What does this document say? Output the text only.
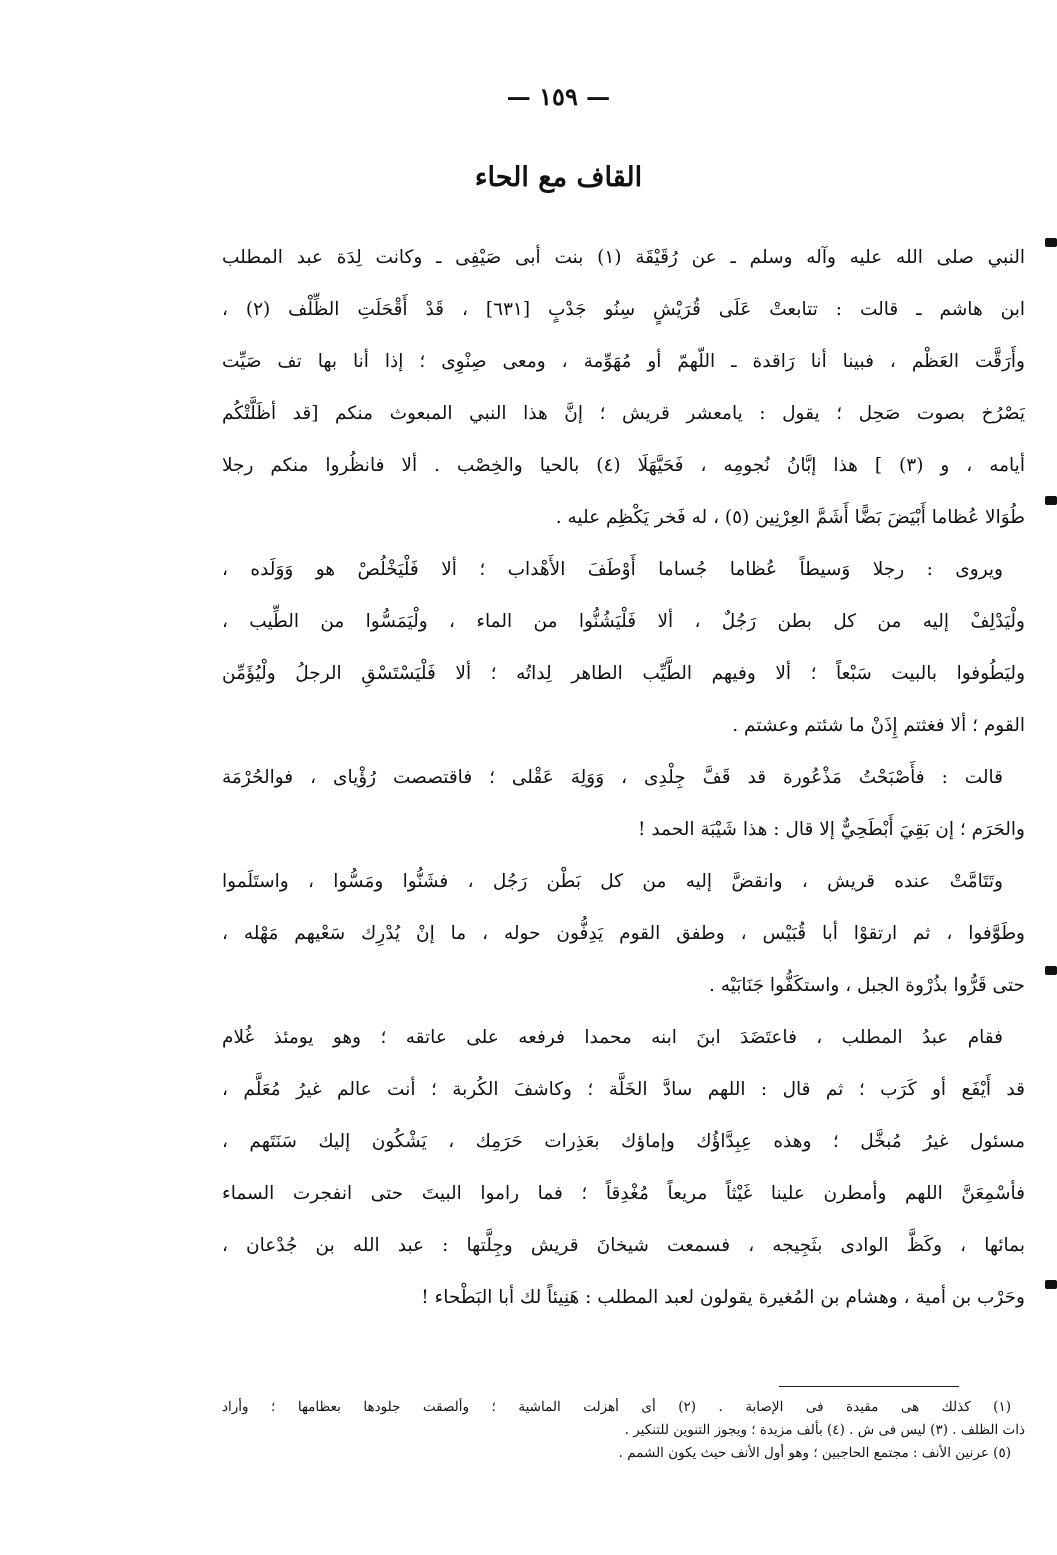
— ١٥٩ —
القاف مع الحاء
النبي صلى الله عليه وآله وسلم ـ عن رُقَيْقَة (١) بنت أبى صَيْفِى ـ وكانت لِدَة عبد المطلب
ابن هاشم ـ قالت : تتابعتْ عَلَى قُرَيْشٍ سِنُو جَدْبٍ [٦٣١] ، قَدْ أَقْحَلَتِ الظِّلْف (٢) ،
وأَرَقَّت العَظْم ، فبينا أنا رَاقدة ـ اللّهمّ أو مُهَوِّمة ، ومعى صِنْوِى ؛ إذا أنا بها تف صَيِّت
يَصْرُخ بصوت صَحِل ؛ يقول : يامعشر قريش ؛ إنَّ هذا النبي المبعوث منكم [قد أظَلَّتْكُم
أيامه ، و (٣) ] هذا إبَّانُ نُجومِه ، فَحَيَّهَلَا (٤) بالحيا والخِصْب . ألا فانظُروا منكم رجلا
طُوَالا عُظاما أَبْيَضَ بَضًّا أَشَمَّ العِرْنِين (٥) ، له فَخر يَكْظِم عليه .
ويروى : رجلا وَسيطاً عُظاما جُساما أَوْطَفَ الأَهْداب ؛ ألا فَلْيَخْلُصْ هو وَوَلَده ،
ولْيَدْلِفْ إليه من كل بطن رَجُلٌ ، ألا فَلْيَشُنُّوا من الماء ، ولْيَمَسُّوا من الطِّيب ،
وليَطُوفوا بالبيت سَبْعاً ؛ ألا وفيهم الطَّيِّب الطاهر لِداتُه ؛ ألا فَلْيَسْتَسْقِ الرجلُ ولْيُؤَمِّن
القوم ؛ ألا فغثتم إِذَنْ ما شئتم وعشتم .
قالت : فأَصْبَحْتُ مَذْعُورة قد قَفَّ جِلْدِى ، وَوَلِهَ عَقْلى ؛ فاقتصصت رُؤْياى ، فوالحُرْمَة
والحَرَم ؛ إن بَقِيَ أَبْطَحِيٌّ إلا قال : هذا شَيْبَة الحمد !
وتَتَامَّتْ عنده قريش ، وانقضَّ إليه من كل بَطْن رَجُل ، فشَنُّوا ومَسُّوا ، واستَلَموا
وطَوَّفوا ، ثم ارتقوْا أبا قُبَيْس ، وطفق القوم يَدِفُّون حوله ، ما إنْ يُدْرِك سَعْيهم مَهْله ،
حتى قَرُّوا بذُرْوة الجبل ، واستكَفُّوا جَنَابَيْه .
فقام عبدُ المطلب ، فاعتَضَدَ ابنَ ابنه محمدا فرفعه على عاتقه ؛ وهو يومئذ غُلام
قد أَيْفَع أو كَرَب ؛ ثم قال : اللهم سادَّ الخَلَّة ؛ وكاشفَ الكُربة ؛ أنت عالم غيرُ مُعَلَّم ،
مسئول غيرُ مُبخَّل ؛ وهذه عِبِدَّاؤُك وإماؤك بعَذِرات حَرَمِك ، يَشْكُون إليك سَنَتَهم ،
فأسْمِعَنَّ اللهم وأمطرن علينا غَيْثاً مريعاً مُغْدِقاً ؛ فما راموا البيتَ حتى انفجرت السماء
بمائها ، وكَظَّ الوادى بثَجِيجه ، فسمعت شيخانَ قريش وجِلَّتها : عبد الله بن جُدْعان ،
وحَرْب بن أمية ، وهشام بن المُغيرة يقولون لعبد المطلب : هَنِيئاً لك أبا البَطْحاء !
(١) كذلك هى مقيدة فى الإصابة . (٢) أى أهزلت الماشية ؛ وألصقت جلودها بعظامها ؛ وأراد
ذات الظلف . (٣) ليس فى ش . (٤) بألف مزيدة ؛ ويجوز التنوين للتنكير .
(٥) عرنين الأنف : مجتمع الحاجبين ؛ وهو أول الأنف حيث يكون الشمم .
